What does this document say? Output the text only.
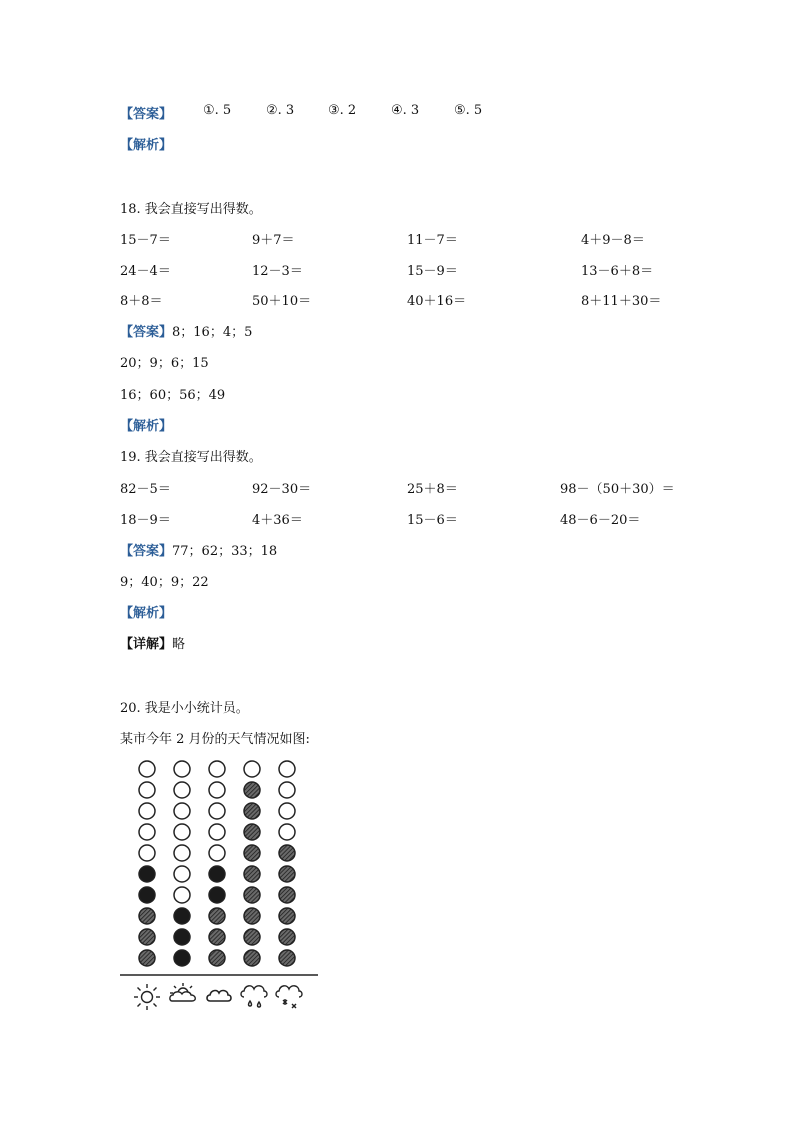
【答案】 ①. 5	②. 3	③. 2	④. 3	⑤. 5
【解析】
18. 我会直接写出得数。
15－7＝	9＋7＝	11－7＝	4＋9－8＝
24－4＝	12－3＝	15－9＝	13－6＋8＝
8＋8＝	50＋10＝	40＋16＝	8＋11＋30＝
【答案】8；16；4；5
20；9；6；15
16；60；56；49
【解析】
19. 我会直接写出得数。
82－5＝	92－30＝	25＋8＝	98－（50＋30）＝
18－9＝	4＋36＝	15－6＝	48－6－20＝
【答案】77；62；33；18
9；40；9；22
【解析】
【详解】略
20. 我是小小统计员。
某市今年 2 月份的天气情况如图:
